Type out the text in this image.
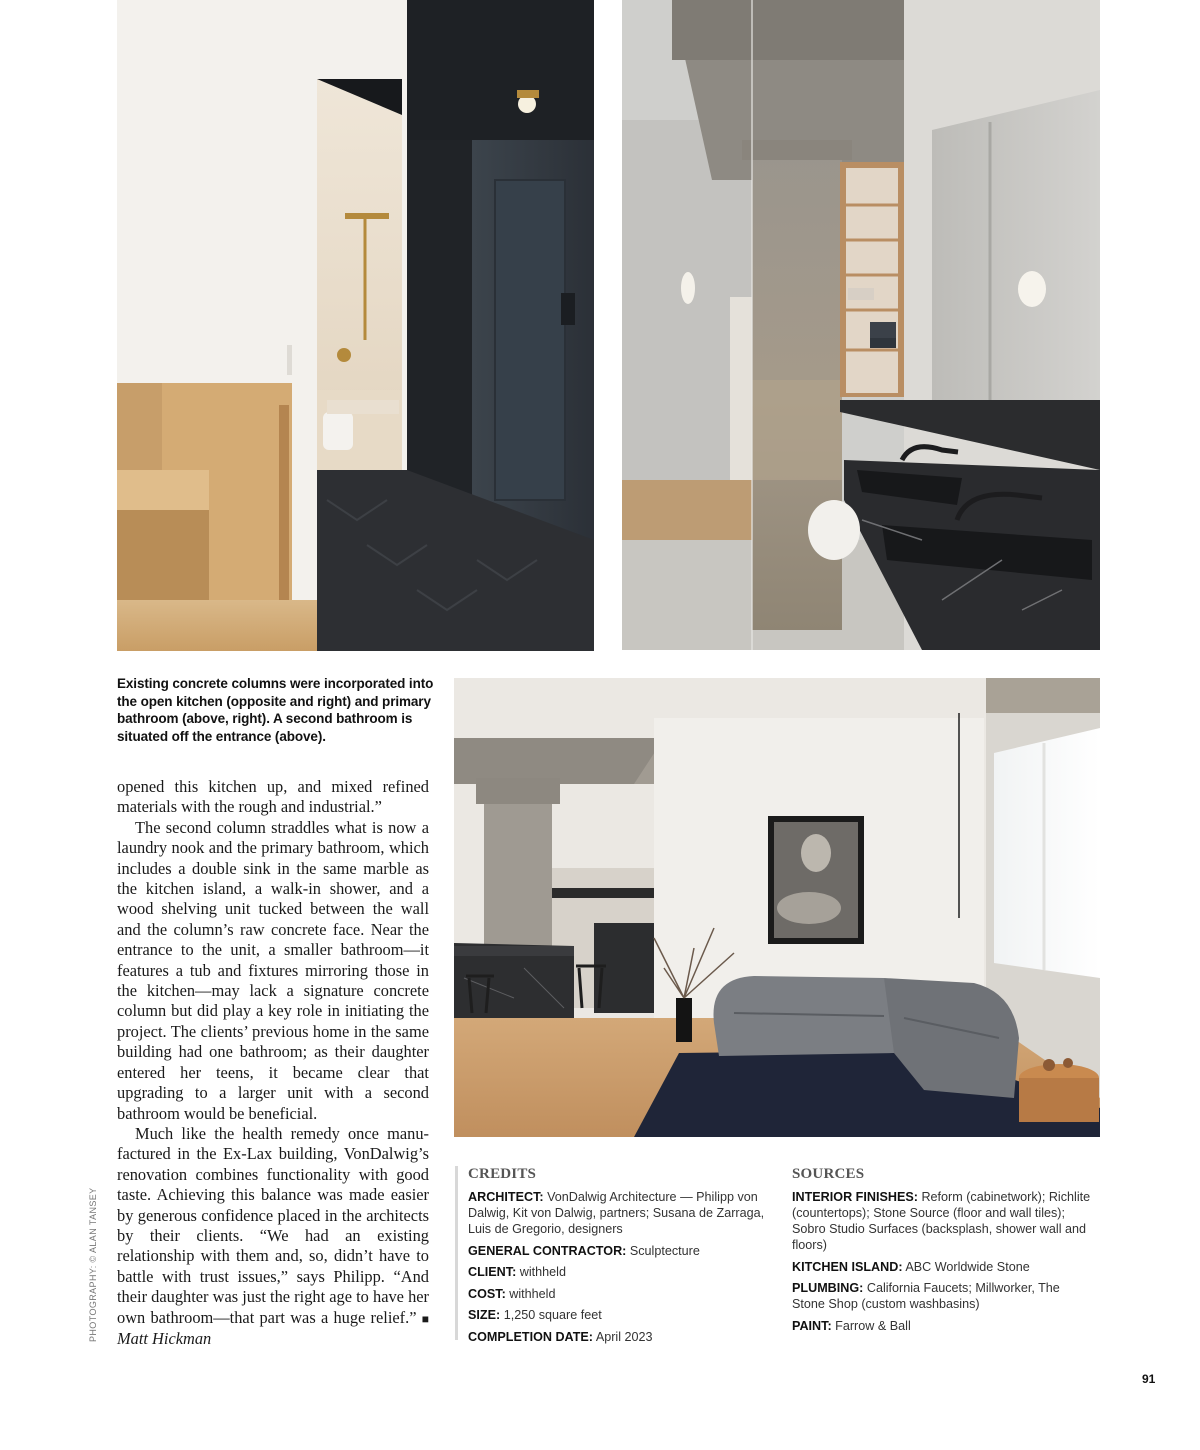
Existing concrete columns were incorporated into the open kitchen (opposite and right) and primary bathroom (above, right). A second bathroom is situated off the entrance (above).

opened this kitchen up, and mixed refined materials with the rough and industrial.”

The second column straddles what is now a laundry nook and the primary bathroom, which includes a double sink in the same marble as the kitchen island, a walk-in shower, and a wood shelving unit tucked between the wall and the column’s raw concrete face. Near the entrance to the unit, a smaller bathroom—it features a tub and fixtures mirroring those in the kitchen—may lack a signature concrete column but did play a key role in initiating the project. The clients’ previous home in the same building had one bathroom; as their daughter entered her teens, it became clear that upgrading to a larger unit with a second bathroom would be beneficial.

Much like the health remedy once manufactured in the Ex-Lax building, VonDalwig’s renovation combines functionality with good taste. Achieving this balance was made easier by generous confidence placed in the architects by their clients. “We had an existing relationship with them and, so, didn’t have to battle with trust issues,” says Philipp. “And their daughter was just the right age to have her own bathroom—that part was a huge relief.” ■ Matt Hickman

PHOTOGRAPHY: © ALAN TANSEY
CREDITS
ARCHITECT: VonDalwig Architecture — Philipp von Dalwig, Kit von Dalwig, partners; Susana de Zarraga, Luis de Gregorio, designers
GENERAL CONTRACTOR: Sculptecture
CLIENT: withheld
COST: withheld
SIZE: 1,250 square feet
COMPLETION DATE: April 2023
SOURCES
INTERIOR FINISHES: Reform (cabinetwork); Richlite (countertops); Stone Source (floor and wall tiles); Sobro Studio Surfaces (backsplash, shower wall and floors)
KITCHEN ISLAND: ABC Worldwide Stone
PLUMBING: California Faucets; Millworker, The Stone Shop (custom washbasins)
PAINT: Farrow & Ball
91
